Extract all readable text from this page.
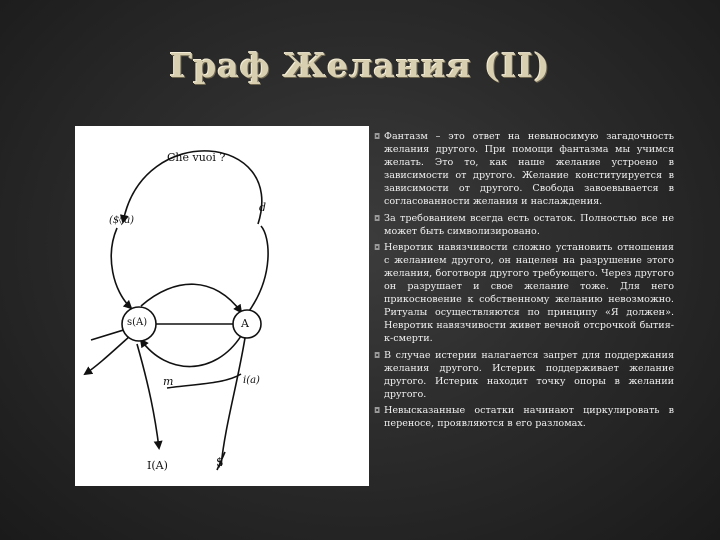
Граф Желания (II)
Che vuoi ?
($◊a)
d
s(A)	A
m	i(a)
I(A)	$

◘ Фантазм – это ответ на невыносимую загадочность желания другого. При помощи фантазма мы учимся желать. Это то, как наше желание устроено в зависимости от другого. Желание конституируется в зависимости от другого. Свобода завоевывается в согласованности желания и наслаждения.

◘ За требованием всегда есть остаток. Полностью все не может быть символизировано.

◘ Невротик навязчивости сложно установить отношения с желанием другого, он нацелен на разрушение этого желания, боготворя другого требующего. Через другого он разрушает и свое желание тоже. Для него прикосновение к собственному желанию невозможно. Ритуалы осуществляются по принципу «Я должен». Невротик навязчивости живет вечной отсрочкой бытия-к-смерти.

◘ В случае истерии налагается запрет для поддержания желания другого. Истерик поддерживает желание другого. Истерик находит точку опоры в желании другого.

◘ Невысказанные остатки начинают циркулировать в переносе, проявляются в его разломах.
